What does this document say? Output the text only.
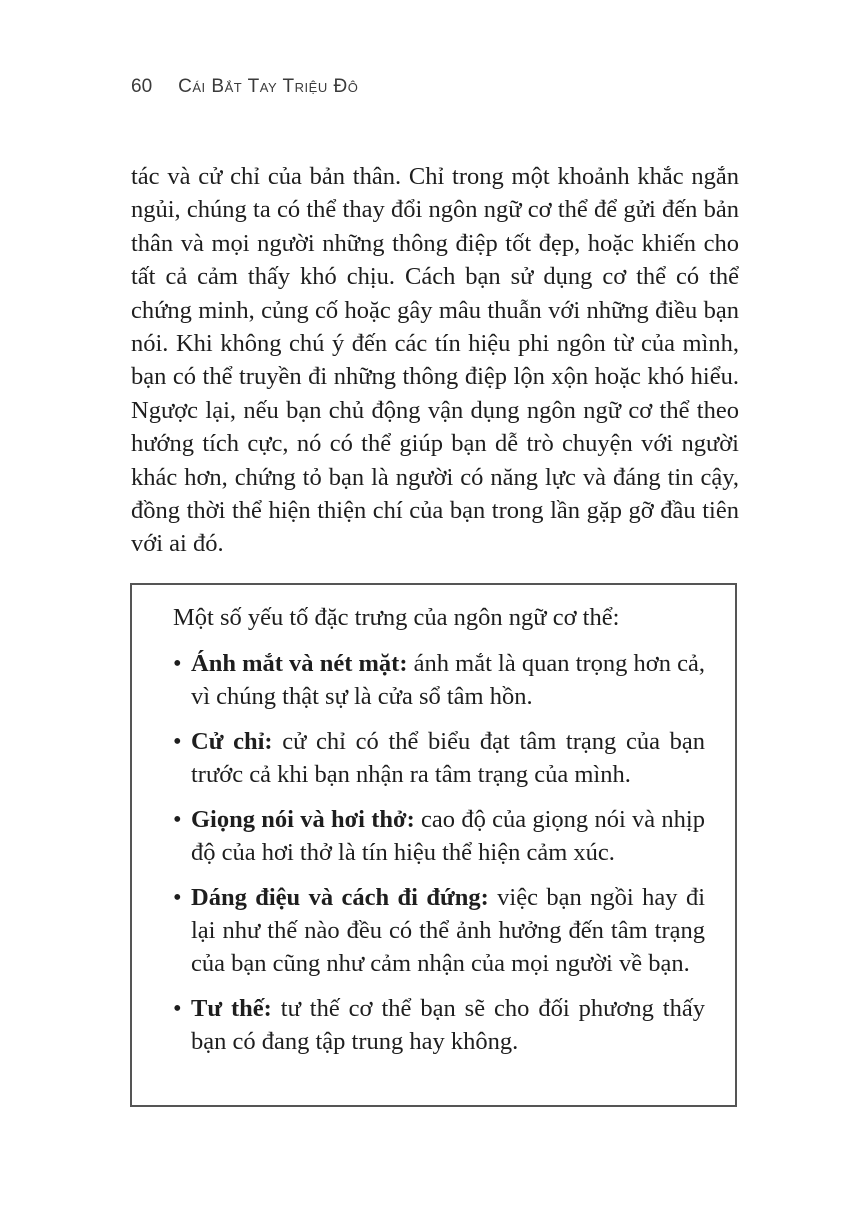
60 Cái Bắt Tay Triệu Đô

tác và cử chỉ của bản thân. Chỉ trong một khoảnh khắc ngắn ngủi, chúng ta có thể thay đổi ngôn ngữ cơ thể để gửi đến bản thân và mọi người những thông điệp tốt đẹp, hoặc khiến cho tất cả cảm thấy khó chịu. Cách bạn sử dụng cơ thể có thể chứng minh, củng cố hoặc gây mâu thuẫn với những điều bạn nói. Khi không chú ý đến các tín hiệu phi ngôn từ của mình, bạn có thể truyền đi những thông điệp lộn xộn hoặc khó hiểu. Ngược lại, nếu bạn chủ động vận dụng ngôn ngữ cơ thể theo hướng tích cực, nó có thể giúp bạn dễ trò chuyện với người khác hơn, chứng tỏ bạn là người có năng lực và đáng tin cậy, đồng thời thể hiện thiện chí của bạn trong lần gặp gỡ đầu tiên với ai đó.

Một số yếu tố đặc trưng của ngôn ngữ cơ thể:

• Ánh mắt và nét mặt: ánh mắt là quan trọng hơn cả, vì chúng thật sự là cửa sổ tâm hồn.
• Cử chỉ: cử chỉ có thể biểu đạt tâm trạng của bạn trước cả khi bạn nhận ra tâm trạng của mình.
• Giọng nói và hơi thở: cao độ của giọng nói và nhịp độ của hơi thở là tín hiệu thể hiện cảm xúc.
• Dáng điệu và cách đi đứng: việc bạn ngồi hay đi lại như thế nào đều có thể ảnh hưởng đến tâm trạng của bạn cũng như cảm nhận của mọi người về bạn.
• Tư thế: tư thế cơ thể bạn sẽ cho đối phương thấy bạn có đang tập trung hay không.
